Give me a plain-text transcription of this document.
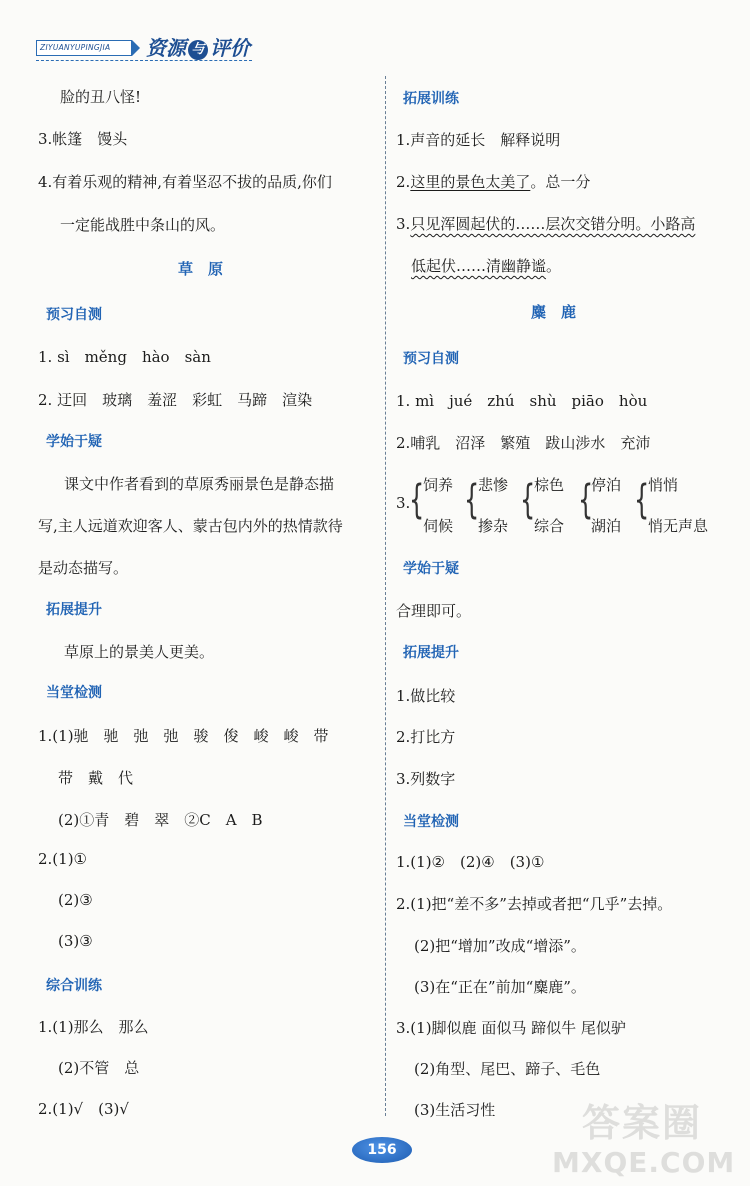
ZIYUANYUPINGJIA	资源 与 评价
脸的丑八怪!
3.帐篷　馒头
4.有着乐观的精神,有着坚忍不拔的品质,你们
一定能战胜中条山的风。
草　原
预习自测
1. sì　měng　hào　sàn
2. 迂回　玻璃　羞涩　彩虹　马蹄　渲染
学始于疑
课文中作者看到的草原秀丽景色是静态描
写,主人远道欢迎客人、蒙古包内外的热情款待
是动态描写。
拓展提升
草原上的景美人更美。
当堂检测
1.(1)驰　驰　弛　弛　骏　俊　峻　峻　带
带　戴　代
(2)①青　碧　翠　②C　A　B
2.(1)①
(2)③
(3)③
综合训练
1.(1)那么　那么
(2)不管　总
2.(1)√　(3)√
拓展训练
1.声音的延长　解释说明
2.这里的景色太美了。总一分
3.只见浑圆起伏的……层次交错分明。小路高
低起伏……清幽静谧。
麋　鹿
预习自测
1. mì　jué　zhú　shù　piāo　hòu
2.哺乳　沼泽　繁殖　跋山涉水　充沛
3.
{
饲养
伺候
{
悲惨
掺杂
{
棕色
综合
{
停泊
湖泊
{
悄悄
悄无声息
学始于疑
合理即可。
拓展提升
1.做比较
2.打比方
3.列数字
当堂检测
1.(1)②　(2)④　(3)①
2.(1)把“差不多”去掉或者把“几乎”去掉。
(2)把“增加”改成“增添”。
(3)在“正在”前加“麋鹿”。
3.(1)脚似鹿 面似马 蹄似牛 尾似驴
(2)角型、尾巴、蹄子、毛色
(3)生活习性
156
答案圈
MXQE.COM
